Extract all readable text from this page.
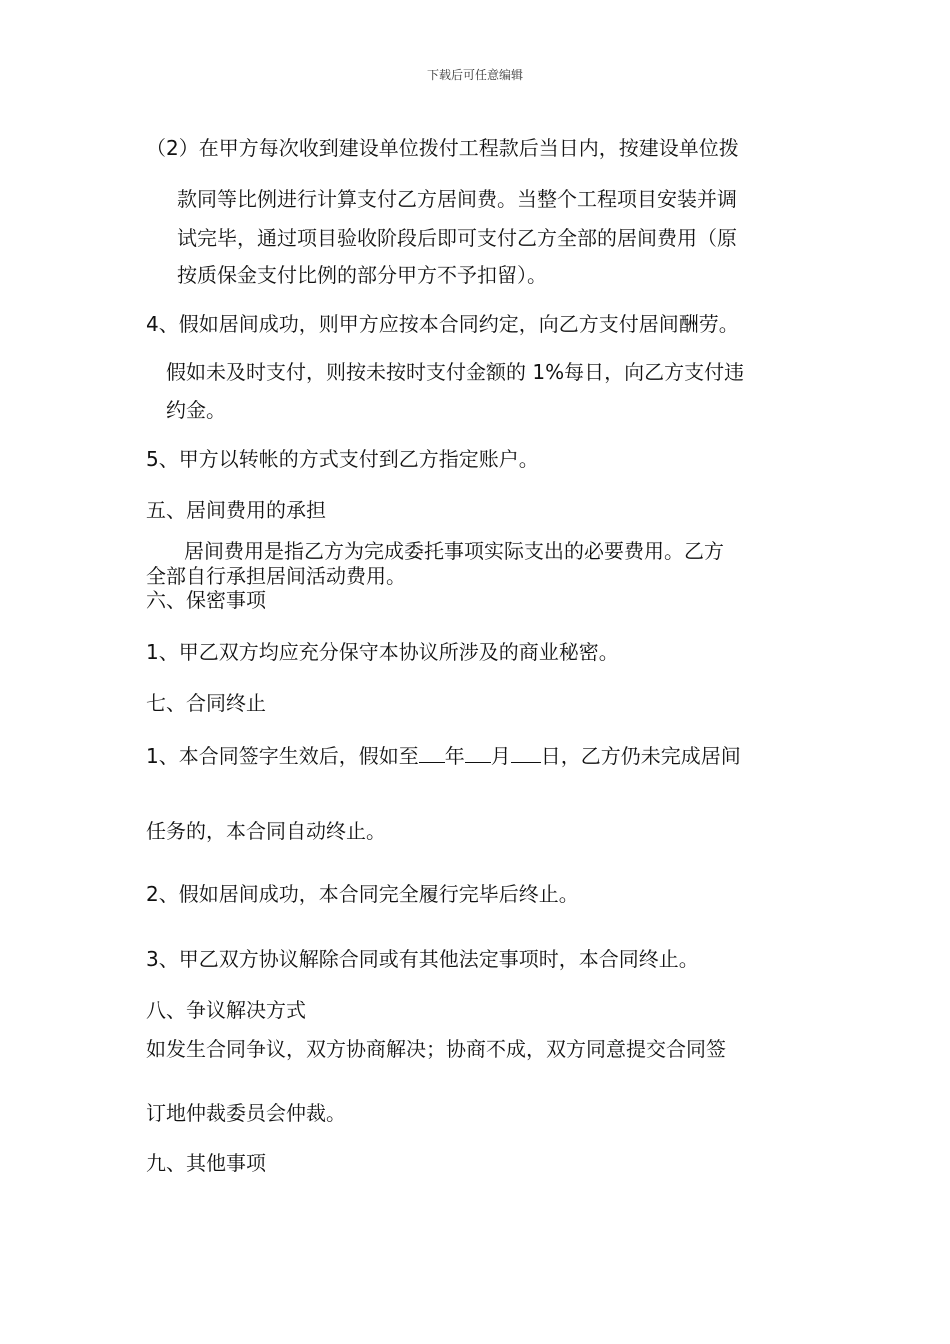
下载后可任意编辑
（2）在甲方每次收到建设单位拨付工程款后当日内，按建设单位拨
款同等比例进行计算支付乙方居间费。当整个工程项目安装并调
试完毕，通过项目验收阶段后即可支付乙方全部的居间费用（原
按质保金支付比例的部分甲方不予扣留）。
4、假如居间成功，则甲方应按本合同约定，向乙方支付居间酬劳。
假如未及时支付，则按未按时支付金额的 1%每日，向乙方支付违
约金。
5、甲方以转帐的方式支付到乙方指定账户。
五、居间费用的承担
居间费用是指乙方为完成委托事项实际支出的必要费用。乙方
全部自行承担居间活动费用。
六、保密事项
1、甲乙双方均应充分保守本协议所涉及的商业秘密。
七、合同终止
1、本合同签字生效后，假如至 年 月 日，乙方仍未完成居间
任务的，本合同自动终止。
2、假如居间成功，本合同完全履行完毕后终止。
3、甲乙双方协议解除合同或有其他法定事项时，本合同终止。
八、争议解决方式
如发生合同争议，双方协商解决；协商不成，双方同意提交合同签
订地仲裁委员会仲裁。
九、其他事项
